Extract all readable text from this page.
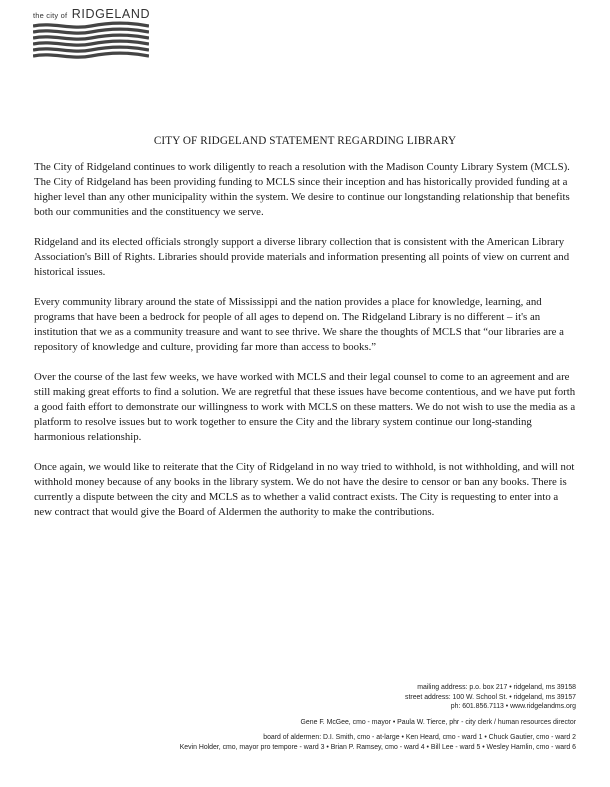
the city of RIDGELAND
CITY OF RIDGELAND STATEMENT REGARDING LIBRARY

The City of Ridgeland continues to work diligently to reach a resolution with the Madison County Library System (MCLS). The City of Ridgeland has been providing funding to MCLS since their inception and has historically provided funding at a higher level than any other municipality within the system. We desire to continue our longstanding relationship that benefits both our communities and the constituency we serve.

Ridgeland and its elected officials strongly support a diverse library collection that is consistent with the American Library Association's Bill of Rights. Libraries should provide materials and information presenting all points of view on current and historical issues.

Every community library around the state of Mississippi and the nation provides a place for knowledge, learning, and programs that have been a bedrock for people of all ages to depend on. The Ridgeland Library is no different – it's an institution that we as a community treasure and want to see thrive. We share the thoughts of MCLS that “our libraries are a repository of knowledge and culture, providing far more than access to books.”

Over the course of the last few weeks, we have worked with MCLS and their legal counsel to come to an agreement and are still making great efforts to find a solution. We are regretful that these issues have become contentious, and we have put forth a good faith effort to demonstrate our willingness to work with MCLS on these matters. We do not wish to use the media as a platform to resolve issues but to work together to ensure the City and the library system continue our long-standing harmonious relationship.

Once again, we would like to reiterate that the City of Ridgeland in no way tried to withhold, is not withholding, and will not withhold money because of any books in the library system. We do not have the desire to censor or ban any books. There is currently a dispute between the city and MCLS as to whether a valid contract exists. The City is requesting to enter into a new contract that would give the Board of Aldermen the authority to make the contributions.

mailing address: p.o. box 217 • ridgeland, ms 39158
street address: 100 W. School St. • ridgeland, ms 39157
ph: 601.856.7113 • www.ridgelandms.org
Gene F. McGee, cmo - mayor • Paula W. Tierce, phr - city clerk / human resources director
board of aldermen: D.I. Smith, cmo - at-large • Ken Heard, cmo - ward 1 • Chuck Gautier, cmo - ward 2
Kevin Holder, cmo, mayor pro tempore - ward 3 • Brian P. Ramsey, cmo - ward 4 • Bill Lee - ward 5 • Wesley Hamlin, cmo - ward 6
